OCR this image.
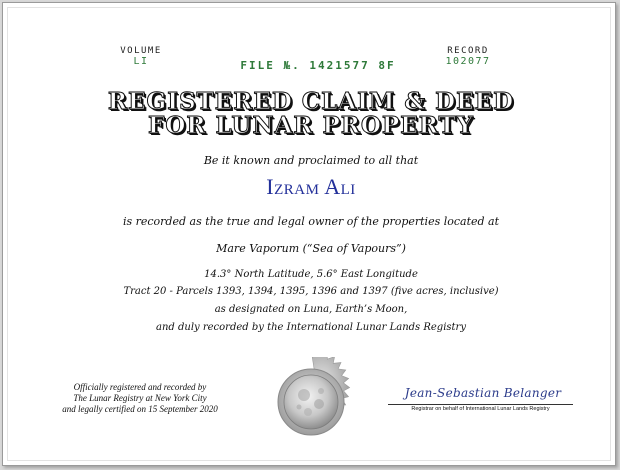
VOLUME
LI	FILE №. 1421577 8F
RECORD
102077
REGISTERED CLAIM & DEED
FOR LUNAR PROPERTY
Be it known and proclaimed to all that
Izram Ali
is recorded as the true and legal owner of the properties located at
Mare Vaporum (“Sea of Vapours”)
14.3° North Latitude, 5.6° East Longitude
Tract 20 - Parcels 1393, 1394, 1395, 1396 and 1397 (five acres, inclusive)
as designated on Luna, Earth’s Moon,
and duly recorded by the International Lunar Lands Registry
Officially registered and recorded by
The Lunar Registry at New York City
and legally certified on 15 September 2020
Jean-Sebastian Belanger
Registrar on behalf of International Lunar Lands Registry
